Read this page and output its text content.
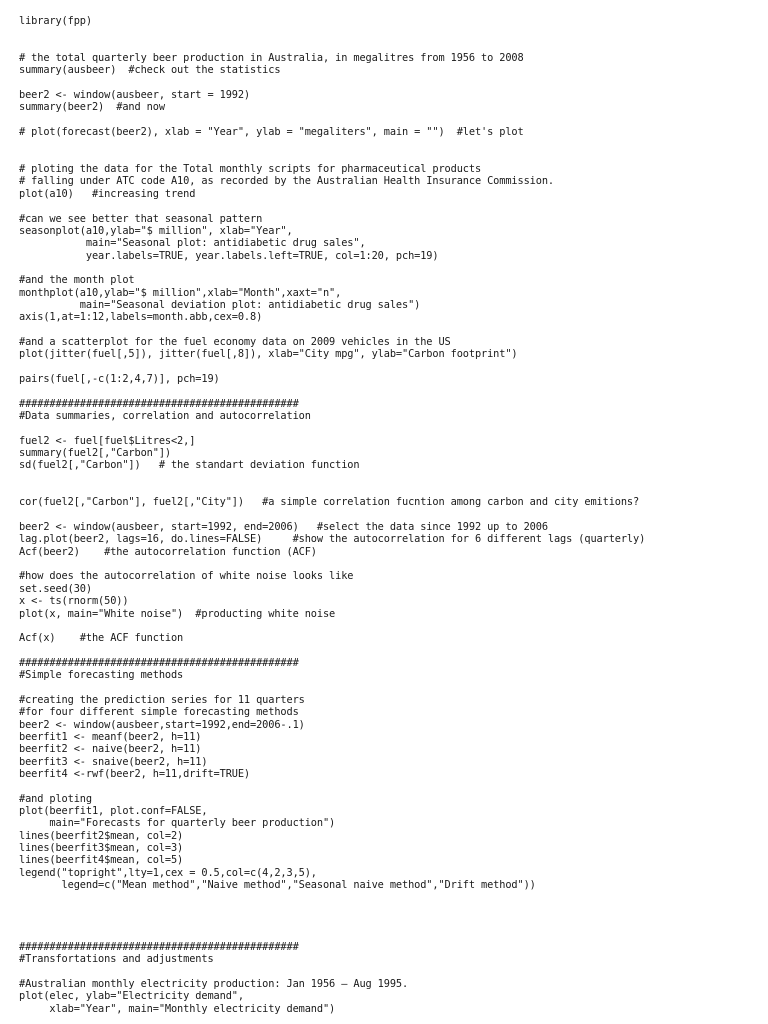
library(fpp)
# the total quarterly beer production in Australia, in megalitres from 1956 to 2008
summary(ausbeer)  #check out the statistics
beer2 <- window(ausbeer, start = 1992)
summary(beer2)  #and now
# plot(forecast(beer2), xlab = "Year", ylab = "megaliters", main = "")  #let's plot
# ploting the data for the Total monthly scripts for pharmaceutical products
# falling under ATC code A10, as recorded by the Australian Health Insurance Commission.
plot(a10)   #increasing trend
#can we see better that seasonal pattern
seasonplot(a10,ylab="$ million", xlab="Year",
main="Seasonal plot: antidiabetic drug sales",
year.labels=TRUE, year.labels.left=TRUE, col=1:20, pch=19)
#and the month plot
monthplot(a10,ylab="$ million",xlab="Month",xaxt="n",
main="Seasonal deviation plot: antidiabetic drug sales")
axis(1,at=1:12,labels=month.abb,cex=0.8)
#and a scatterplot for the fuel economy data on 2009 vehicles in the US
plot(jitter(fuel[,5]), jitter(fuel[,8]), xlab="City mpg", ylab="Carbon footprint")
pairs(fuel[,-c(1:2,4,7)], pch=19)
##############################################
#Data summaries, correlation and autocorrelation
fuel2 <- fuel[fuel$Litres<2,]
summary(fuel2[,"Carbon"])
sd(fuel2[,"Carbon"])   # the standart deviation function
cor(fuel2[,"Carbon"], fuel2[,"City"])   #a simple correlation fucntion among carbon and city emitions?
beer2 <- window(ausbeer, start=1992, end=2006)   #select the data since 1992 up to 2006
lag.plot(beer2, lags=16, do.lines=FALSE)     #show the autocorrelation for 6 different lags (quarterly)
Acf(beer2)    #the autocorrelation function (ACF)
#how does the autocorrelation of white noise looks like
set.seed(30)
x <- ts(rnorm(50))
plot(x, main="White noise")  #producting white noise
Acf(x)    #the ACF function
##############################################
#Simple forecasting methods
#creating the prediction series for 11 quarters
#for four different simple forecasting methods
beer2 <- window(ausbeer,start=1992,end=2006-.1)
beerfit1 <- meanf(beer2, h=11)
beerfit2 <- naive(beer2, h=11)
beerfit3 <- snaive(beer2, h=11)
beerfit4 <-rwf(beer2, h=11,drift=TRUE)
#and ploting
plot(beerfit1, plot.conf=FALSE,
main="Forecasts for quarterly beer production")
lines(beerfit2$mean, col=2)
lines(beerfit3$mean, col=3)
lines(beerfit4$mean, col=5)
legend("topright",lty=1,cex = 0.5,col=c(4,2,3,5),
legend=c("Mean method","Naive method","Seasonal naive method","Drift method"))
##############################################
#Transfortations and adjustments
#Australian monthly electricity production: Jan 1956 – Aug 1995.
plot(elec, ylab="Electricity demand",
xlab="Year", main="Monthly electricity demand")
